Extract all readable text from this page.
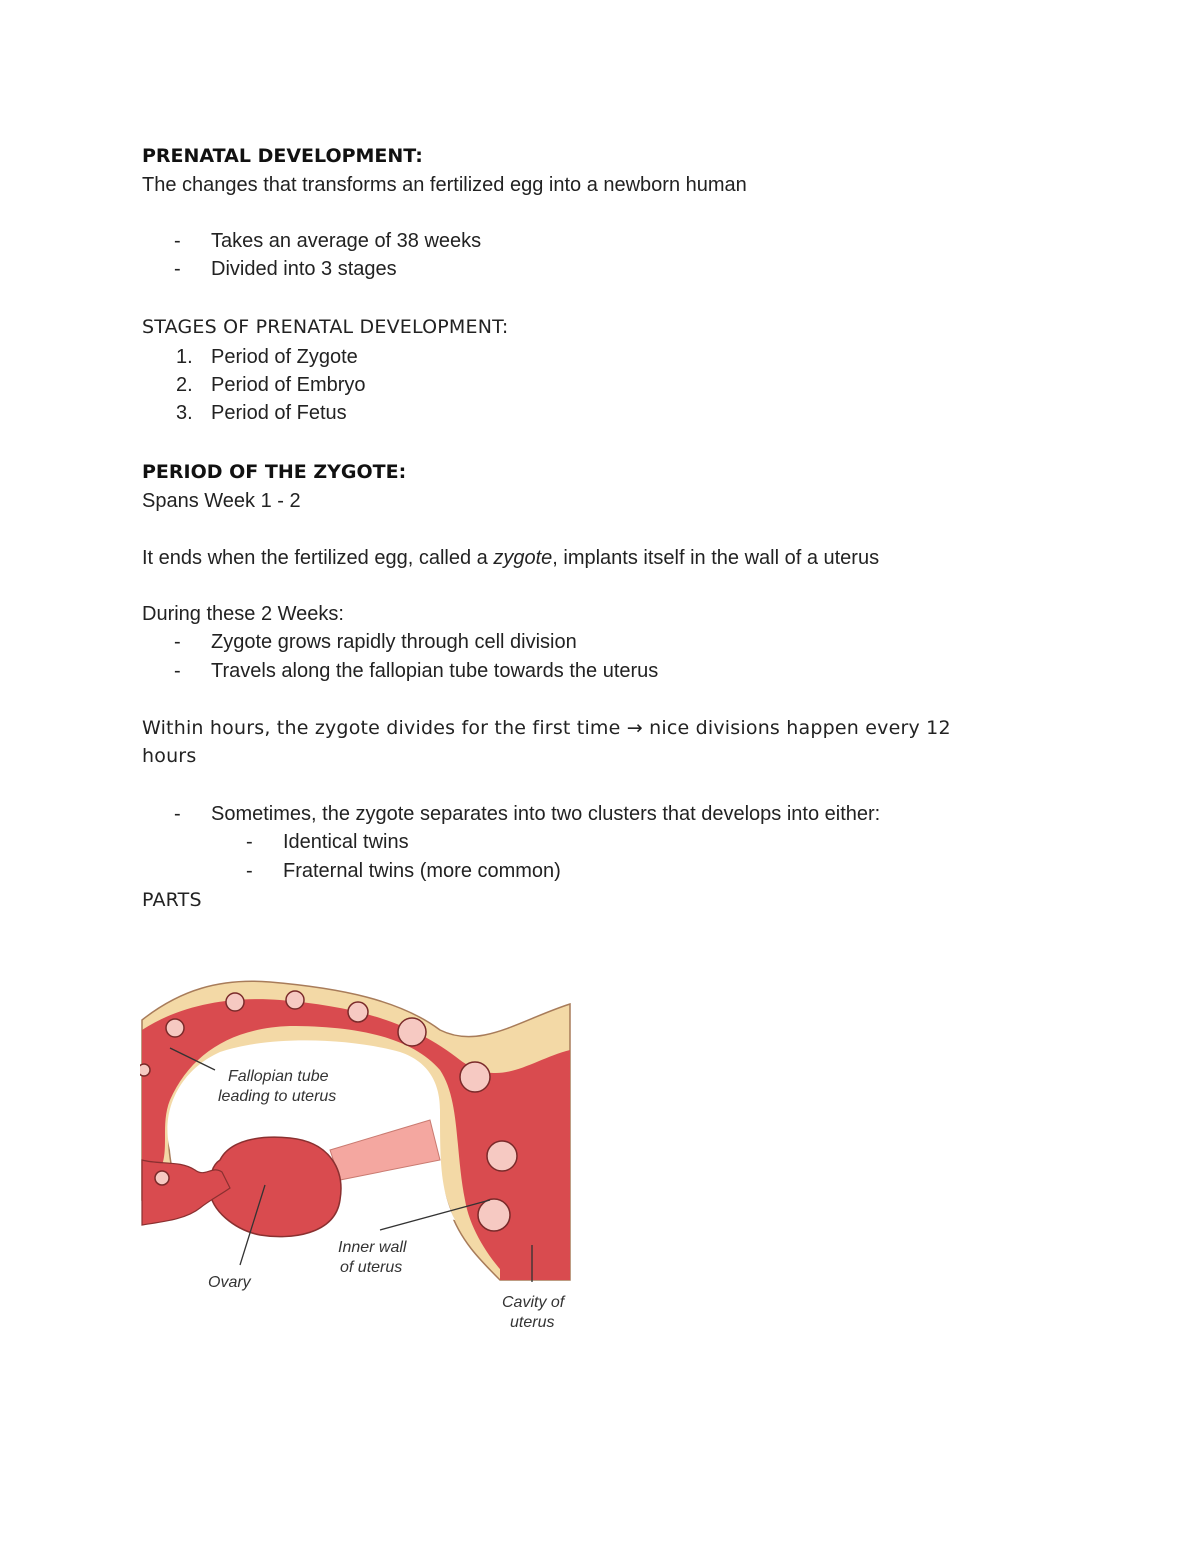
PRENATAL DEVELOPMENT:
The changes that transforms an fertilized egg into a newborn human
- Takes an average of 38 weeks
- Divided into 3 stages
STAGES OF PRENATAL DEVELOPMENT:
1. Period of Zygote
2. Period of Embryo
3. Period of Fetus
PERIOD OF THE ZYGOTE:
Spans Week 1 - 2
It ends when the fertilized egg, called a zygote, implants itself in the wall of a uterus
During these 2 Weeks:
- Zygote grows rapidly through cell division
- Travels along the fallopian tube towards the uterus
Within hours, the zygote divides for the first time → nice divisions happen every 12
hours
- Sometimes, the zygote separates into two clusters that develops into either:
- Identical twins
- Fraternal twins (more common)
PARTS
Fallopian tube
leading to uterus
Inner wall
of uterus
Ovary
Cavity of
uterus
